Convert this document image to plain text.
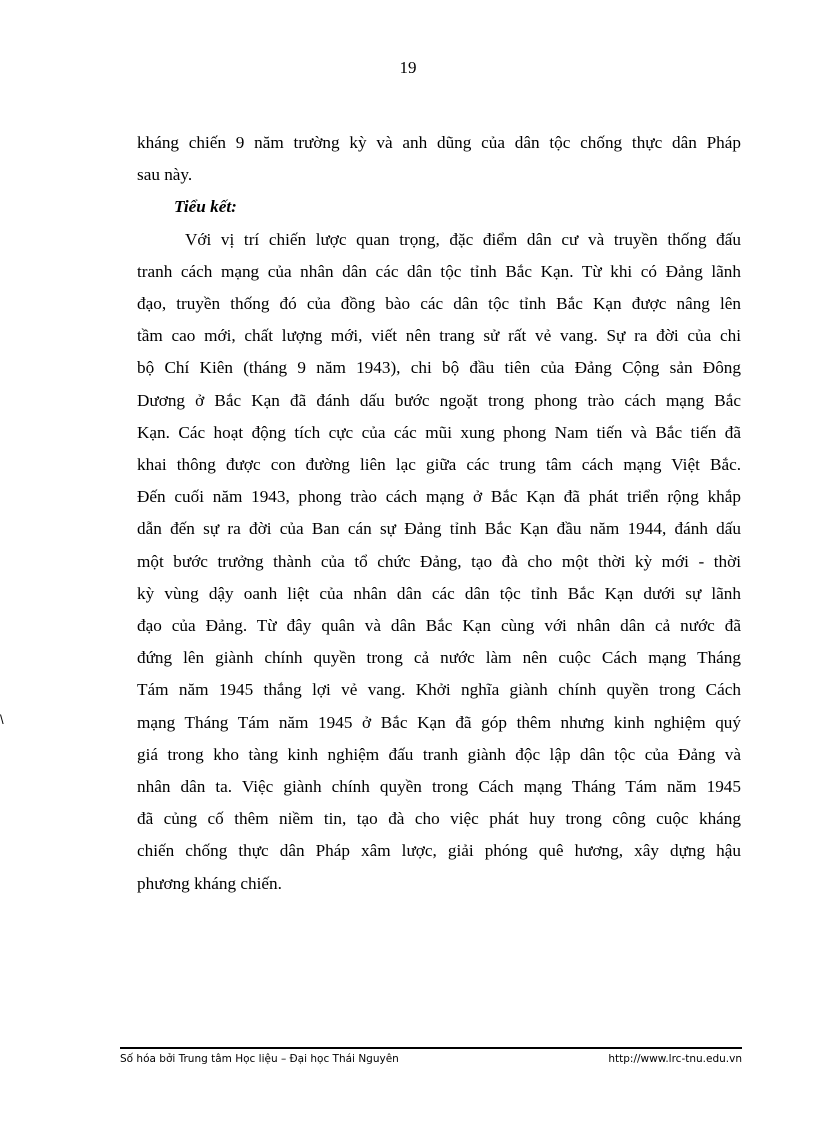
19
kháng chiến 9 năm trường kỳ và anh dũng của dân tộc chống thực dân Pháp
sau này.
Tiểu kết:
Với vị trí chiến lược quan trọng, đặc điểm dân cư và truyền thống đấu
tranh cách mạng của nhân dân các dân tộc tỉnh Bắc Kạn. Từ khi có Đảng lãnh
đạo, truyền thống đó của đồng bào các dân tộc tỉnh Bắc Kạn được nâng lên
tầm cao mới, chất lượng mới, viết nên trang sử rất vẻ vang. Sự ra đời của chi
bộ Chí Kiên (tháng 9 năm 1943), chi bộ đầu tiên của Đảng Cộng sản Đông
Dương ở Bắc Kạn đã đánh dấu bước ngoặt trong phong trào cách mạng Bắc
Kạn. Các hoạt động tích cực của các mũi xung phong Nam tiến và Bắc tiến đã
khai thông được con đường liên lạc giữa các trung tâm cách mạng Việt Bắc.
Đến cuối năm 1943, phong trào cách mạng ở Bắc Kạn đã phát triển rộng khắp
dẫn đến sự ra đời của Ban cán sự Đảng tỉnh Bắc Kạn đầu năm 1944, đánh dấu
một bước trưởng thành của tổ chức Đảng, tạo đà cho một thời kỳ mới - thời
kỳ vùng dậy oanh liệt của nhân dân các dân tộc tỉnh Bắc Kạn dưới sự lãnh
đạo của Đảng. Từ đây quân và dân Bắc Kạn cùng với nhân dân cả nước đã
đứng lên giành chính quyền trong cả nước làm nên cuộc Cách mạng Tháng
Tám năm 1945 thắng lợi vẻ vang. Khởi nghĩa giành chính quyền trong Cách
mạng Tháng Tám năm 1945 ở Bắc Kạn đã góp thêm nhưng kinh nghiệm quý
giá trong kho tàng kinh nghiệm đấu tranh giành độc lập dân tộc của Đảng và
nhân dân ta. Việc giành chính quyền trong Cách mạng Tháng Tám năm 1945
đã củng cố thêm niềm tin, tạo đà cho việc phát huy trong công cuộc kháng
chiến chống thực dân Pháp xâm lược, giải phóng quê hương, xây dựng hậu
phương kháng chiến.
\
Số hóa bởi Trung tâm Học liệu – Đại học Thái Nguyên	http://www.lrc-tnu.edu.vn
